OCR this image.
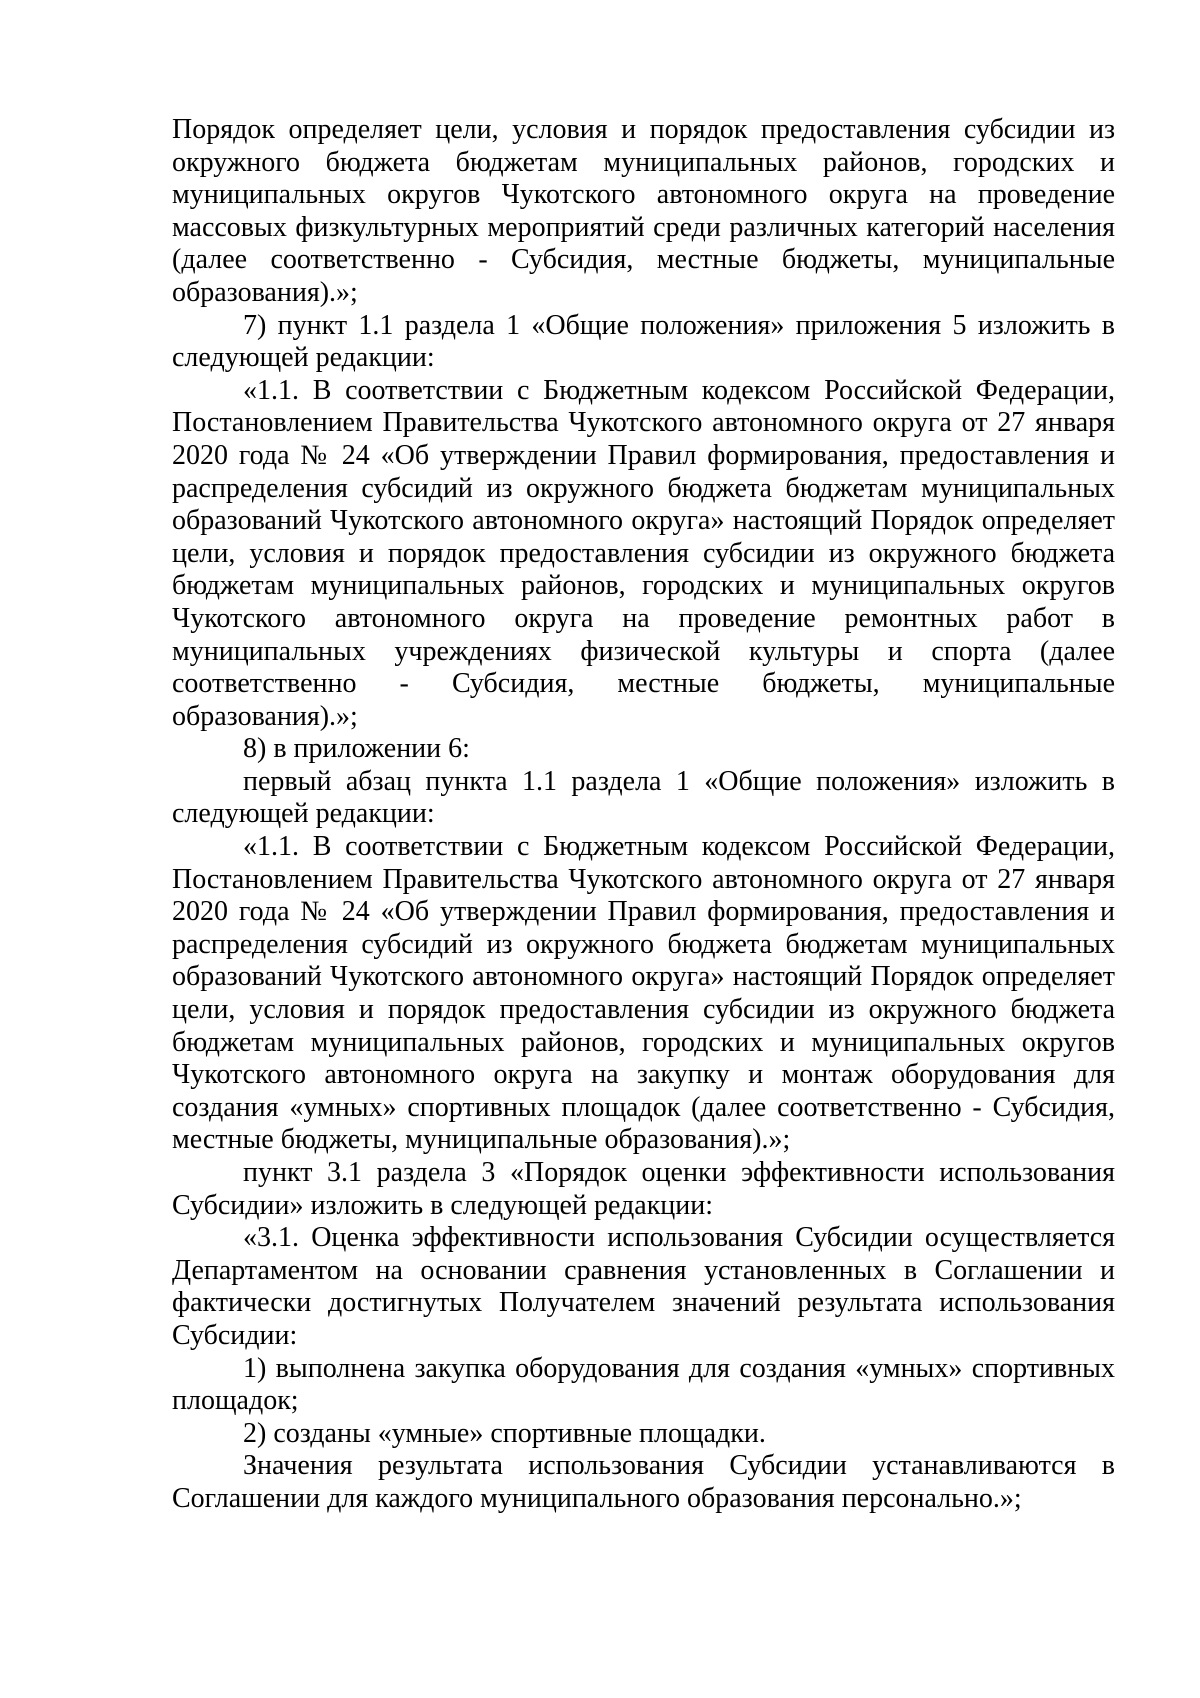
Порядок определяет цели, условия и порядок предоставления субсидии из окружного бюджета бюджетам муниципальных районов, городских и муниципальных округов Чукотского автономного округа на проведение массовых физкультурных мероприятий среди различных категорий населения (далее соответственно - Субсидия, местные бюджеты, муниципальные образования).»;

7) пункт 1.1 раздела 1 «Общие положения» приложения 5 изложить в следующей редакции:

«1.1. В соответствии с Бюджетным кодексом Российской Федерации, Постановлением Правительства Чукотского автономного округа от 27 января 2020 года № 24 «Об утверждении Правил формирования, предоставления и распределения субсидий из окружного бюджета бюджетам муниципальных образований Чукотского автономного округа» настоящий Порядок определяет цели, условия и порядок предоставления субсидии из окружного бюджета бюджетам муниципальных районов, городских и муниципальных округов Чукотского автономного округа на проведение ремонтных работ в муниципальных учреждениях физической культуры и спорта (далее соответственно - Субсидия, местные бюджеты, муниципальные образования).»;

8) в приложении 6:

первый абзац пункта 1.1 раздела 1 «Общие положения» изложить в следующей редакции:

«1.1. В соответствии с Бюджетным кодексом Российской Федерации, Постановлением Правительства Чукотского автономного округа от 27 января 2020 года № 24 «Об утверждении Правил формирования, предоставления и распределения субсидий из окружного бюджета бюджетам муниципальных образований Чукотского автономного округа» настоящий Порядок определяет цели, условия и порядок предоставления субсидии из окружного бюджета бюджетам муниципальных районов, городских и муниципальных округов Чукотского автономного округа на закупку и монтаж оборудования для создания «умных» спортивных площадок (далее соответственно - Субсидия, местные бюджеты, муниципальные образования).»;

пункт 3.1 раздела 3 «Порядок оценки эффективности использования Субсидии» изложить в следующей редакции:

«3.1. Оценка эффективности использования Субсидии осуществляется Департаментом на основании сравнения установленных в Соглашении и фактически достигнутых Получателем значений результата использования Субсидии:

1) выполнена закупка оборудования для создания «умных» спортивных площадок;

2) созданы «умные» спортивные площадки.

Значения результата использования Субсидии устанавливаются в Соглашении для каждого муниципального образования персонально.»;
